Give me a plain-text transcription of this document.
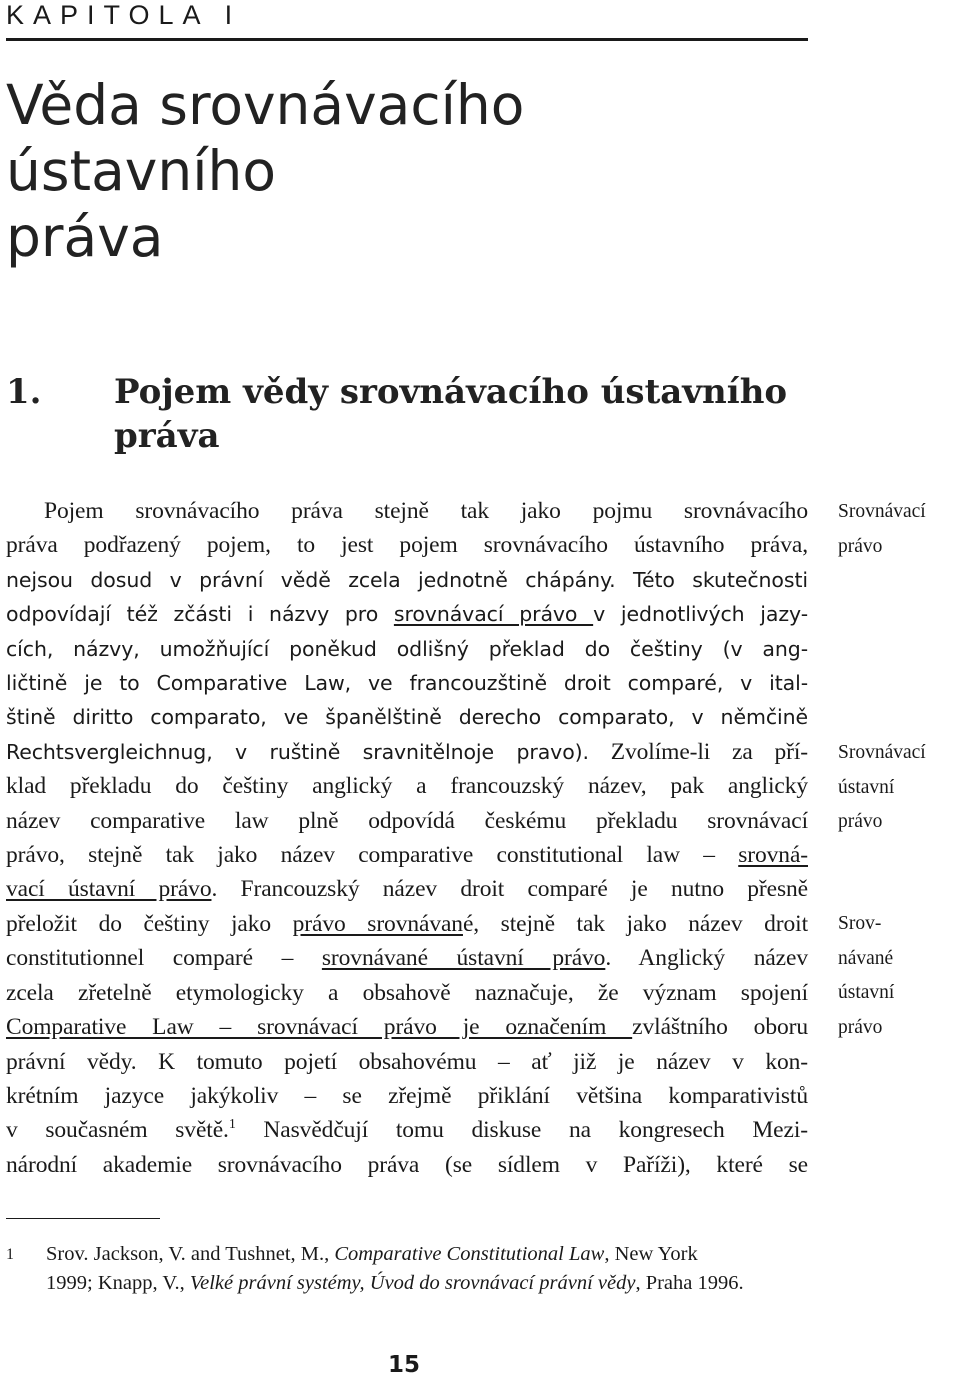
KAPITOLA I
Věda srovnávacího ústavního
práva
1. Pojem vědy srovnávacího ústavního
práva
Pojem srovnávacího práva stejně tak jako pojmu srovnávacího
práva podřazený pojem, to jest pojem srovnávacího ústavního práva,
nejsou dosud v právní vědě zcela jednotně chápány. Této skutečnosti
odpovídají též zčásti i názvy pro srovnávací právo v jednotlivých jazy-
cích, názvy, umožňující poněkud odlišný překlad do češtiny (v ang-
ličtině je to Comparative Law, ve francouzštině droit comparé, v ital-
štině diritto comparato, ve španělštině derecho comparato, v němčině
Rechtsvergleichnug, v ruštině sravnitělnoje pravo). Zvolíme-li za pří-
klad překladu do češtiny anglický a francouzský název, pak anglický
název comparative law plně odpovídá českému překladu srovnávací
právo, stejně tak jako název comparative constitutional law – srovná-
vací ústavní právo. Francouzský název droit comparé je nutno přesně
přeložit do češtiny jako právo srovnávané, stejně tak jako název droit
constitutionnel comparé – srovnávané ústavní právo. Anglický název
zcela zřetelně etymologicky a obsahově naznačuje, že význam spojení
Comparative Law – srovnávací právo je označením zvláštního oboru
právní vědy. K tomuto pojetí obsahovému – ať již je název v kon-
krétním jazyce jakýkoliv – se zřejmě přiklání většina komparativistů
v současném světě.$^1$ Nasvědčují tomu diskuse na kongresech Mezi-
národní akademie srovnávacího práva (se sídlem v Paříži), které se
Srovnávací
právo
Srovnávací
ústavní
právo
Srov-
návané
ústavní
právo
1 Srov. Jackson, V. and Tushnet, M., Comparative Constitutional Law, New York
1999; Knapp, V., Velké právní systémy, Úvod do srovnávací právní vědy, Praha 1996.
15
